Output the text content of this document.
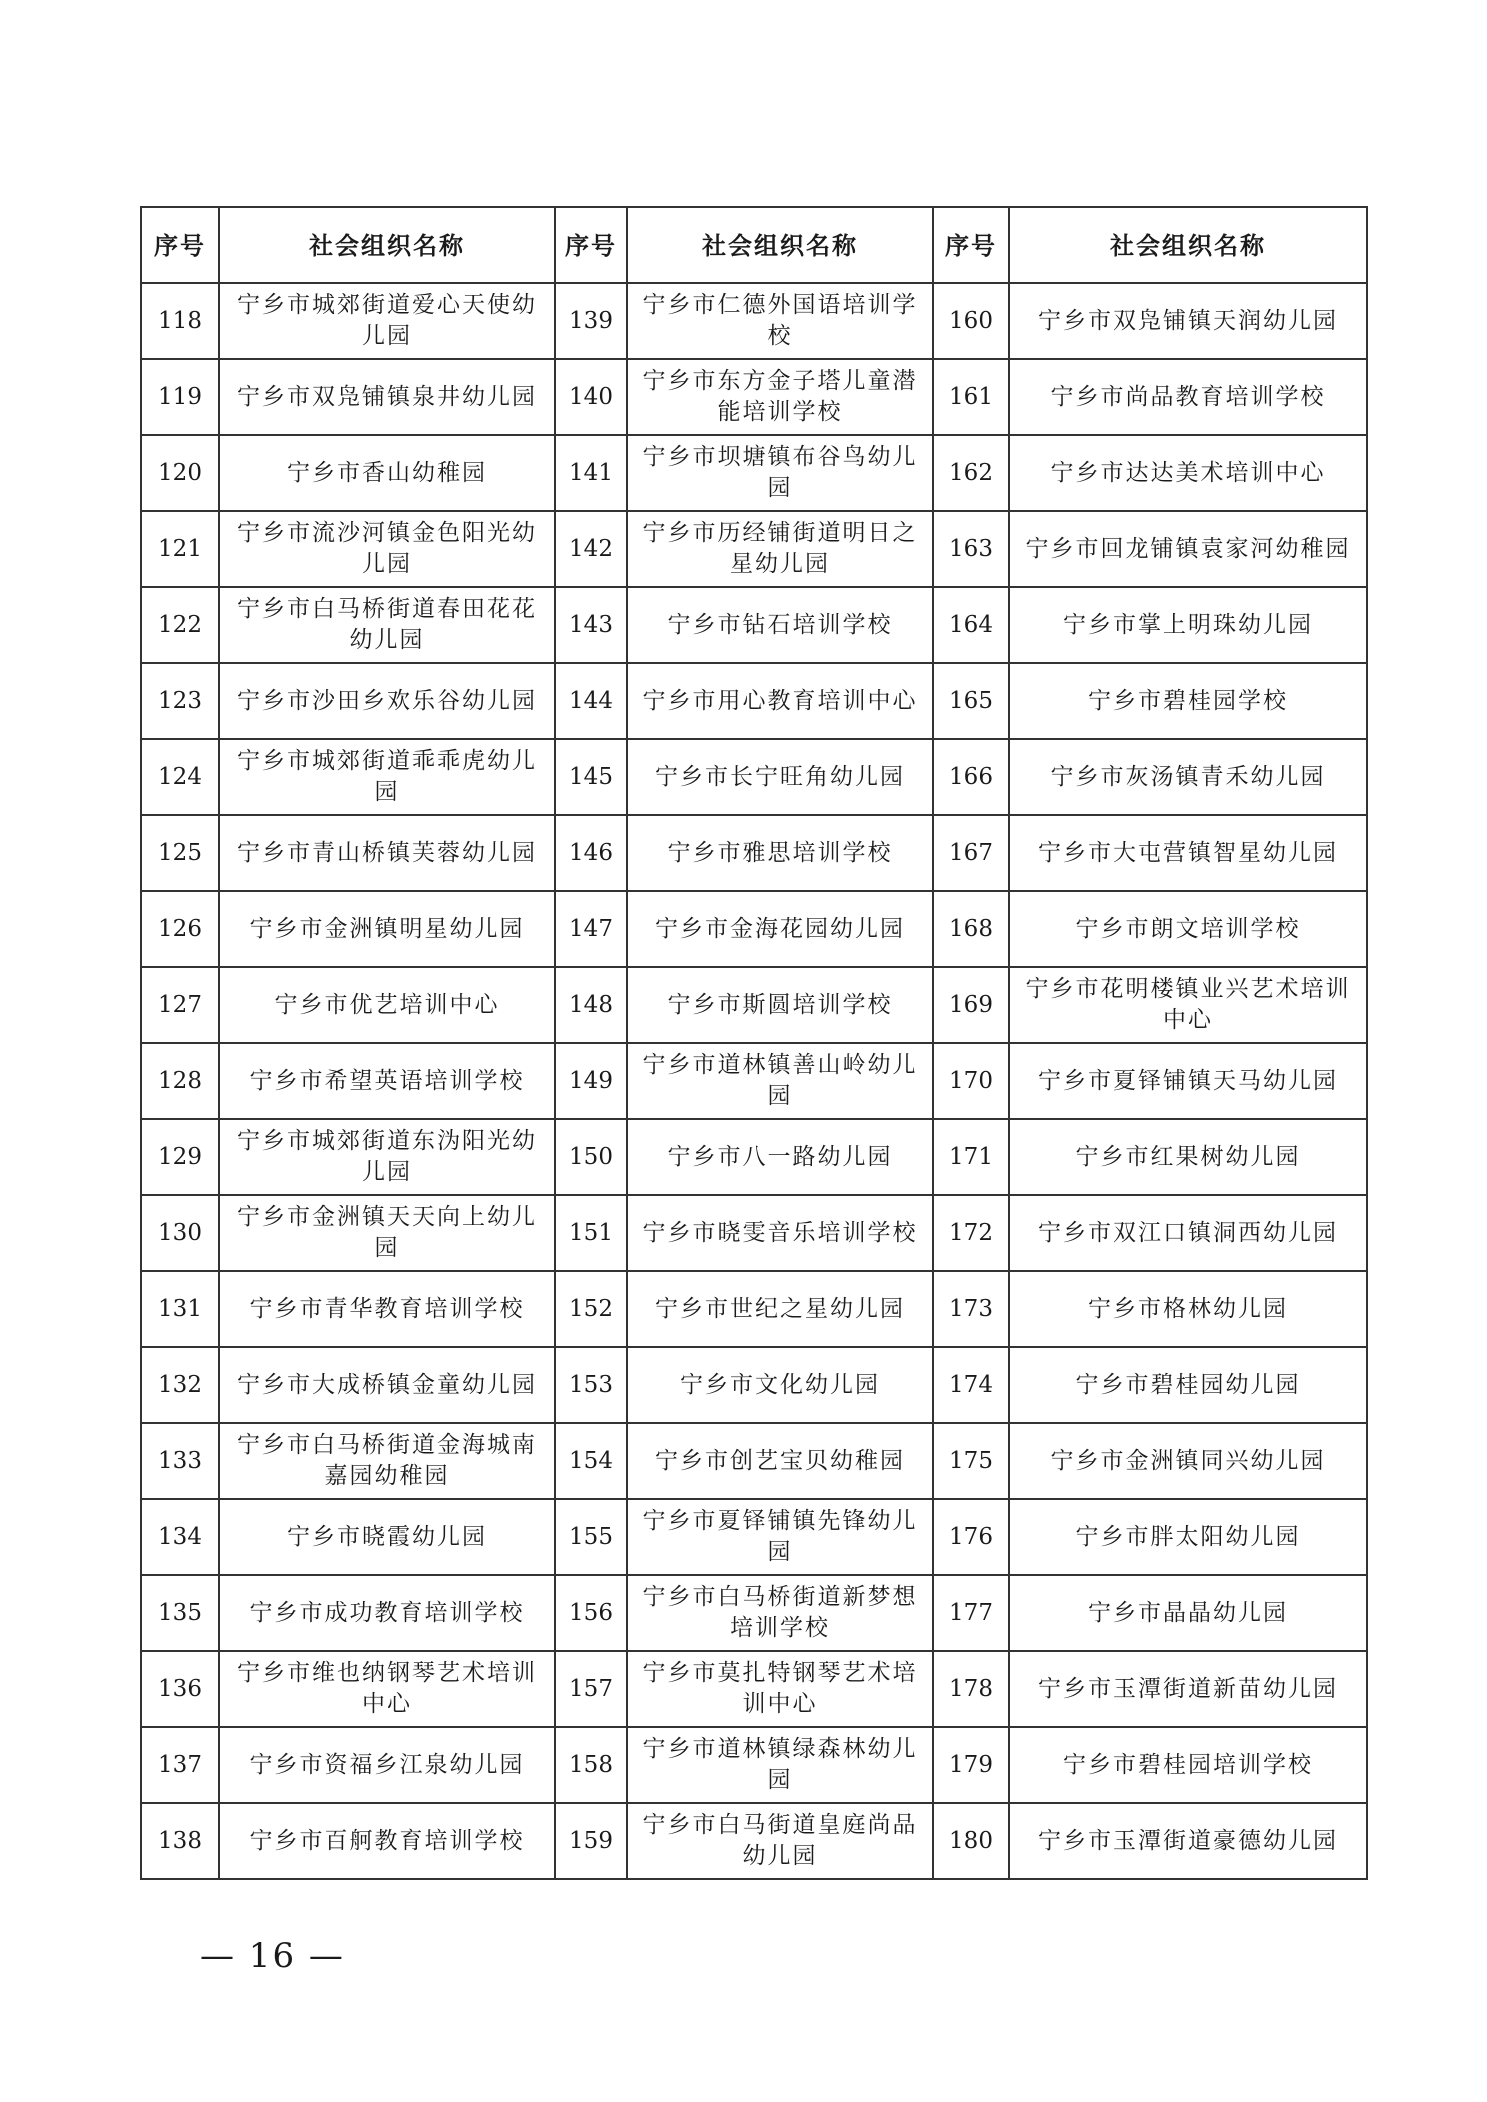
序号	社会组织名称	序号	社会组织名称	序号	社会组织名称
118	宁乡市城郊街道爱心天使幼儿园	139	宁乡市仁德外国语培训学校	160	宁乡市双凫铺镇天润幼儿园
119	宁乡市双凫铺镇泉井幼儿园	140	宁乡市东方金子塔儿童潜能培训学校	161	宁乡市尚品教育培训学校
120	宁乡市香山幼稚园	141	宁乡市坝塘镇布谷鸟幼儿园	162	宁乡市达达美术培训中心
121	宁乡市流沙河镇金色阳光幼儿园	142	宁乡市历经铺街道明日之星幼儿园	163	宁乡市回龙铺镇袁家河幼稚园
122	宁乡市白马桥街道春田花花幼儿园	143	宁乡市钻石培训学校	164	宁乡市掌上明珠幼儿园
123	宁乡市沙田乡欢乐谷幼儿园	144	宁乡市用心教育培训中心	165	宁乡市碧桂园学校
124	宁乡市城郊街道乖乖虎幼儿园	145	宁乡市长宁旺角幼儿园	166	宁乡市灰汤镇青禾幼儿园
125	宁乡市青山桥镇芙蓉幼儿园	146	宁乡市雅思培训学校	167	宁乡市大屯营镇智星幼儿园
126	宁乡市金洲镇明星幼儿园	147	宁乡市金海花园幼儿园	168	宁乡市朗文培训学校
127	宁乡市优艺培训中心	148	宁乡市斯圆培训学校	169	宁乡市花明楼镇业兴艺术培训中心
128	宁乡市希望英语培训学校	149	宁乡市道林镇善山岭幼儿园	170	宁乡市夏铎铺镇天马幼儿园
129	宁乡市城郊街道东沩阳光幼儿园	150	宁乡市八一路幼儿园	171	宁乡市红果树幼儿园
130	宁乡市金洲镇天天向上幼儿园	151	宁乡市晓雯音乐培训学校	172	宁乡市双江口镇洞西幼儿园
131	宁乡市青华教育培训学校	152	宁乡市世纪之星幼儿园	173	宁乡市格林幼儿园
132	宁乡市大成桥镇金童幼儿园	153	宁乡市文化幼儿园	174	宁乡市碧桂园幼儿园
133	宁乡市白马桥街道金海城南嘉园幼稚园	154	宁乡市创艺宝贝幼稚园	175	宁乡市金洲镇同兴幼儿园
134	宁乡市晓霞幼儿园	155	宁乡市夏铎铺镇先锋幼儿园	176	宁乡市胖太阳幼儿园
135	宁乡市成功教育培训学校	156	宁乡市白马桥街道新梦想培训学校	177	宁乡市晶晶幼儿园
136	宁乡市维也纳钢琴艺术培训中心	157	宁乡市莫扎特钢琴艺术培训中心	178	宁乡市玉潭街道新苗幼儿园
137	宁乡市资福乡江泉幼儿园	158	宁乡市道林镇绿森林幼儿园	179	宁乡市碧桂园培训学校
138	宁乡市百舸教育培训学校	159	宁乡市白马街道皇庭尚品幼儿园	180	宁乡市玉潭街道豪德幼儿园
— 16 —
